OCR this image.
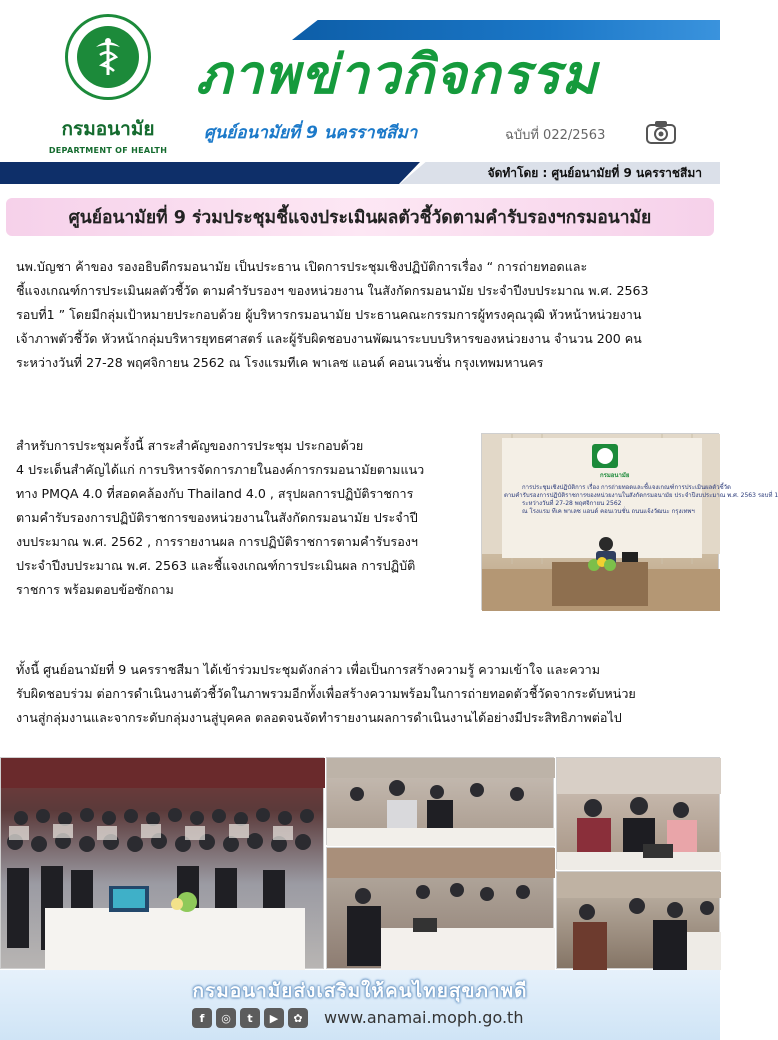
กรมอนามัย
DEPARTMENT OF HEALTH
ภาพข่าวกิจกรรม
ศูนย์อนามัยที่ 9 นครราชสีมา	ฉบับที่ 022/2563
จัดทำโดย : ศูนย์อนามัยที่ 9 นครราชสีมา
ศูนย์อนามัยที่ 9 ร่วมประชุมชี้แจงประเมินผลตัวชี้วัดตามคำรับรองฯกรมอนามัย
นพ.บัญชา ค้าของ รองอธิบดีกรมอนามัย เป็นประธาน เปิดการประชุมเชิงปฏิบัติการเรื่อง “ การถ่ายทอดและ
ชี้แจงเกณฑ์การประเมินผลตัวชี้วัด ตามคำรับรองฯ ของหน่วยงาน ในสังกัดกรมอนามัย ประจำปีงบประมาณ พ.ศ. 2563
รอบที่1 ” โดยมีกลุ่มเป้าหมายประกอบด้วย ผู้บริหารกรมอนามัย ประธานคณะกรรมการผู้ทรงคุณวุฒิ หัวหน้าหน่วยงาน
เจ้าภาพตัวชี้วัด หัวหน้ากลุ่มบริหารยุทธศาสตร์ และผู้รับผิดชอบงานพัฒนาระบบบริหารของหน่วยงาน จำนวน 200 คน
ระหว่างวันที่ 27-28 พฤศจิกายน 2562 ณ โรงแรมทีเค พาเลซ แอนด์ คอนเวนชั่น กรุงเทพมหานคร
สำหรับการประชุมครั้งนี้ สาระสำคัญของการประชุม ประกอบด้วย
4 ประเด็นสำคัญได้แก่ การบริหารจัดการภายในองค์การกรมอนามัยตามแนว
ทาง PMQA 4.0 ที่สอดคล้องกับ Thailand 4.0 , สรุปผลการปฏิบัติราชการ
ตามคำรับรองการปฏิบัติราชการของหน่วยงานในสังกัดกรมอนามัย ประจำปี
งบประมาณ พ.ศ. 2562 , การรายงานผล การปฏิบัติราชการตามคำรับรองฯ
ประจำปีงบประมาณ พ.ศ. 2563 และชี้แจงเกณฑ์การประเมินผล การปฏิบัติ
ราชการ พร้อมตอบข้อซักถาม
กรมอนามัย
การประชุมเชิงปฏิบัติการ เรื่อง การถ่ายทอดและชี้แจงเกณฑ์การประเมินผลตัวชี้วัด
ตามคำรับรองการปฏิบัติราชการของหน่วยงานในสังกัดกรมอนามัย ประจำปีงบประมาณ พ.ศ. 2563 รอบที่ 1
ระหว่างวันที่ 27-28 พฤศจิกายน 2562
ณ โรงแรม ทีเค พาเลซ แอนด์ คอนเวนชั่น ถนนแจ้งวัฒนะ กรุงเทพฯ
ทั้งนี้ ศูนย์อนามัยที่ 9 นครราชสีมา ได้เข้าร่วมประชุมดังกล่าว เพื่อเป็นการสร้างความรู้ ความเข้าใจ และความ
รับผิดชอบร่วม ต่อการดำเนินงานตัวชี้วัดในภาพรวมอีกทั้งเพื่อสร้างความพร้อมในการถ่ายทอดตัวชี้วัดจากระดับหน่วย
งานสู่กลุ่มงานและจากระดับกลุ่มงานสู่บุคคล ตลอดจนจัดทำรายงานผลการดำเนินงานได้อย่างมีประสิทธิภาพต่อไป
กรมอนามัยส่งเสริมให้คนไทยสุขภาพดี
f	◎	t	▶	✿	www.anamai.moph.go.th
